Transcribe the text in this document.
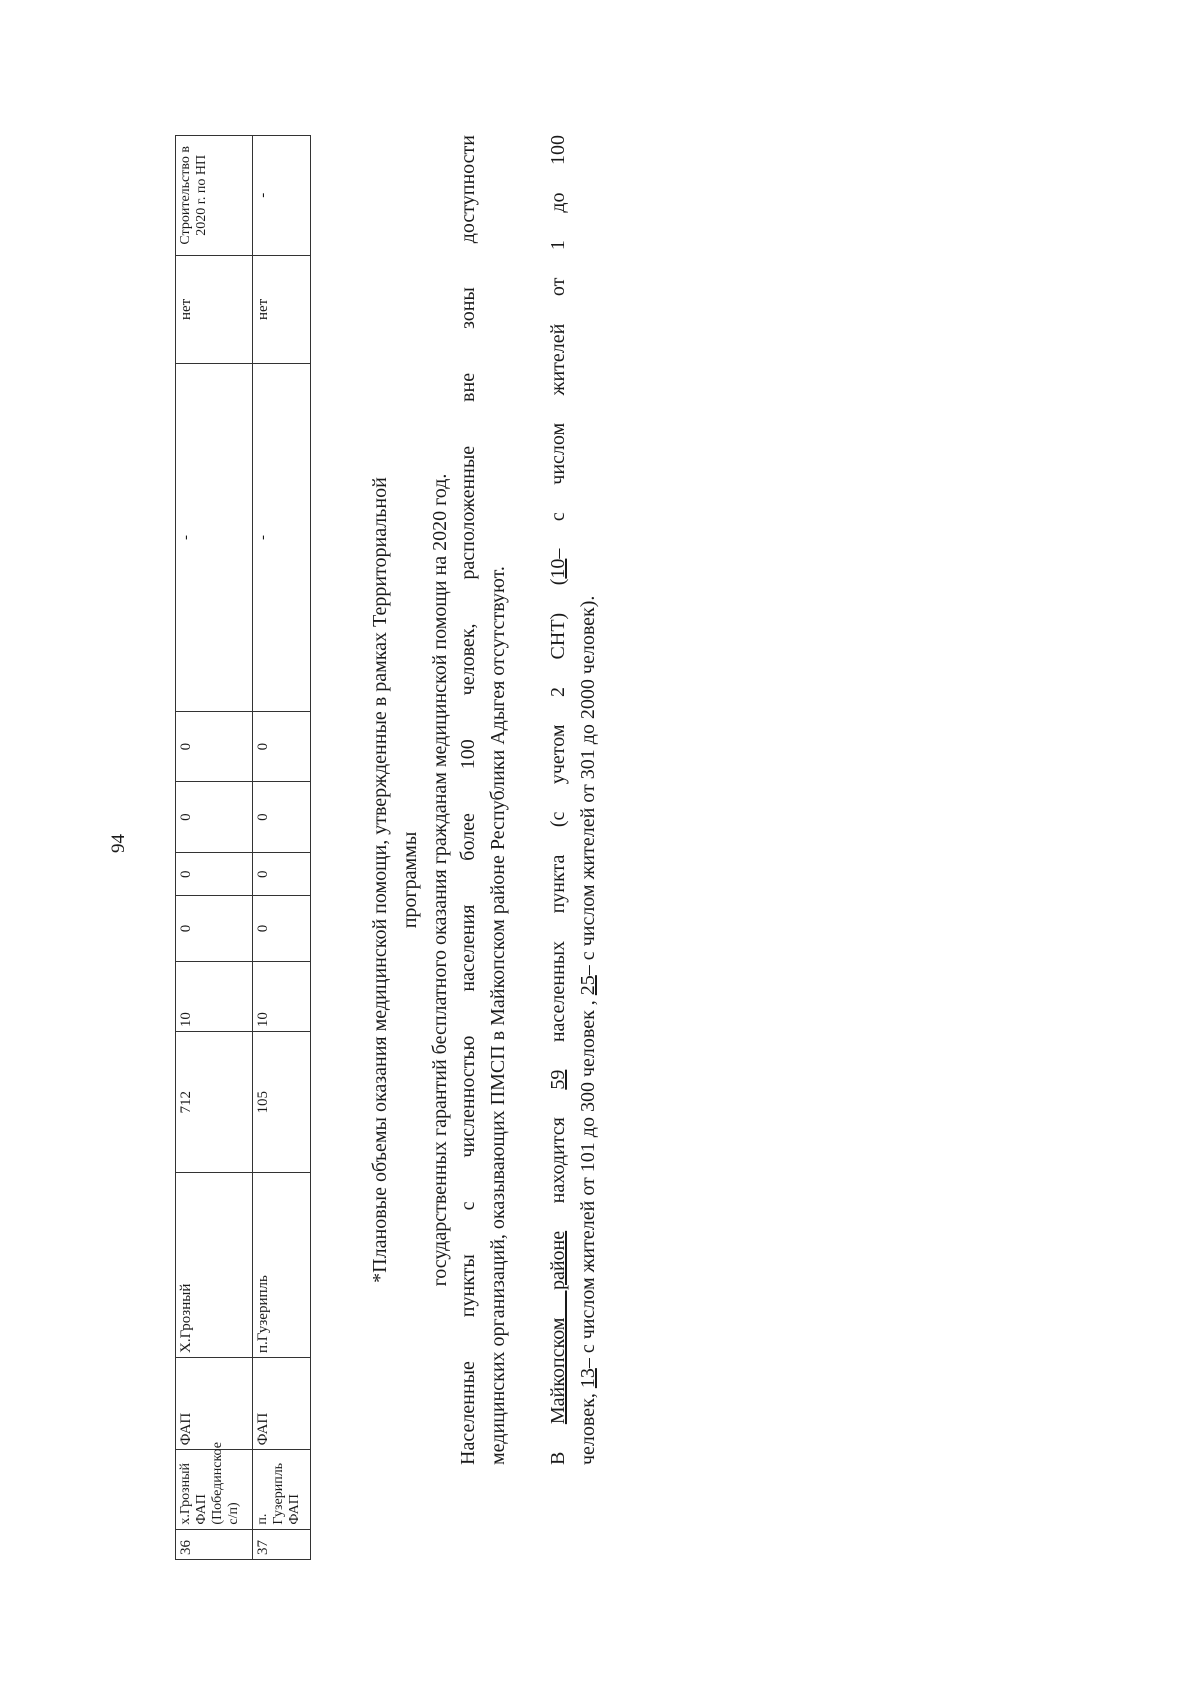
94
36	х.Грозный ФАП (Побединское с/п)	ФАП	Х.Грозный	712	10	0	0	0	0	-	нет	Строительство в 2020 г. по НП
37	п. Гузерипль ФАП	ФАП	п.Гузерипль	105	10	0	0	0	0	-	нет	-
*Плановые объемы оказания медицинской помощи, утвержденные в рамках Территориальной программы государственных гарантий бесплатного оказания гражданам медицинской помощи на 2020 год. Населенные пункты с численностью населения более 100 человек, расположенные вне зоны доступности медицинских организаций, оказывающих ПМСП в Майкопском районе Республики Адыгея отсутствуют. В Майкопском районе находится 59 населенных пункта (с учетом 2 СНТ) (10– с числом жителей от 1 до 100
человек, 13– с числом жителей от 101 до 300 человек , 25– с числом жителей от 301 до 2000 человек).
